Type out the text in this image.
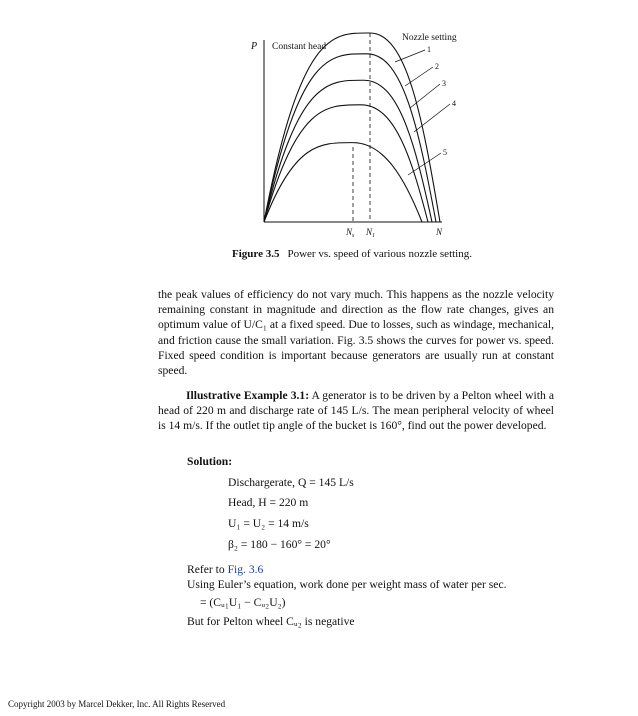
P Constant head
Nozzle setting
1
2
3
4
5
$N_s$ $N_1$	N
Figure 3.5 Power vs. speed of various nozzle setting.

the peak values of efficiency do not vary much. This happens as the nozzle velocity remaining constant in magnitude and direction as the flow rate changes, gives an optimum value of U/C₁ at a fixed speed. Due to losses, such as windage, mechanical, and friction cause the small variation. Fig. 3.5 shows the curves for power vs. speed. Fixed speed condition is important because generators are usually run at constant speed.

Illustrative Example 3.1: A generator is to be driven by a Pelton wheel with a head of 220 m and discharge rate of 145 L/s. The mean peripheral velocity of wheel is 14 m/s. If the outlet tip angle of the bucket is 160°, find out the power developed.

Solution:
Dischargerate, Q = 145 L/s
Head, H = 220 m
U₁ = U₂ = 14 m/s
β₂ = 180 − 160° = 20°
Refer to Fig. 3.6
Using Euler’s equation, work done per weight mass of water per sec.
= (Cᵤ₁U₁ − Cᵤ₂U₂)
But for Pelton wheel Cᵤ₂ is negative
Copyright 2003 by Marcel Dekker, Inc. All Rights Reserved
